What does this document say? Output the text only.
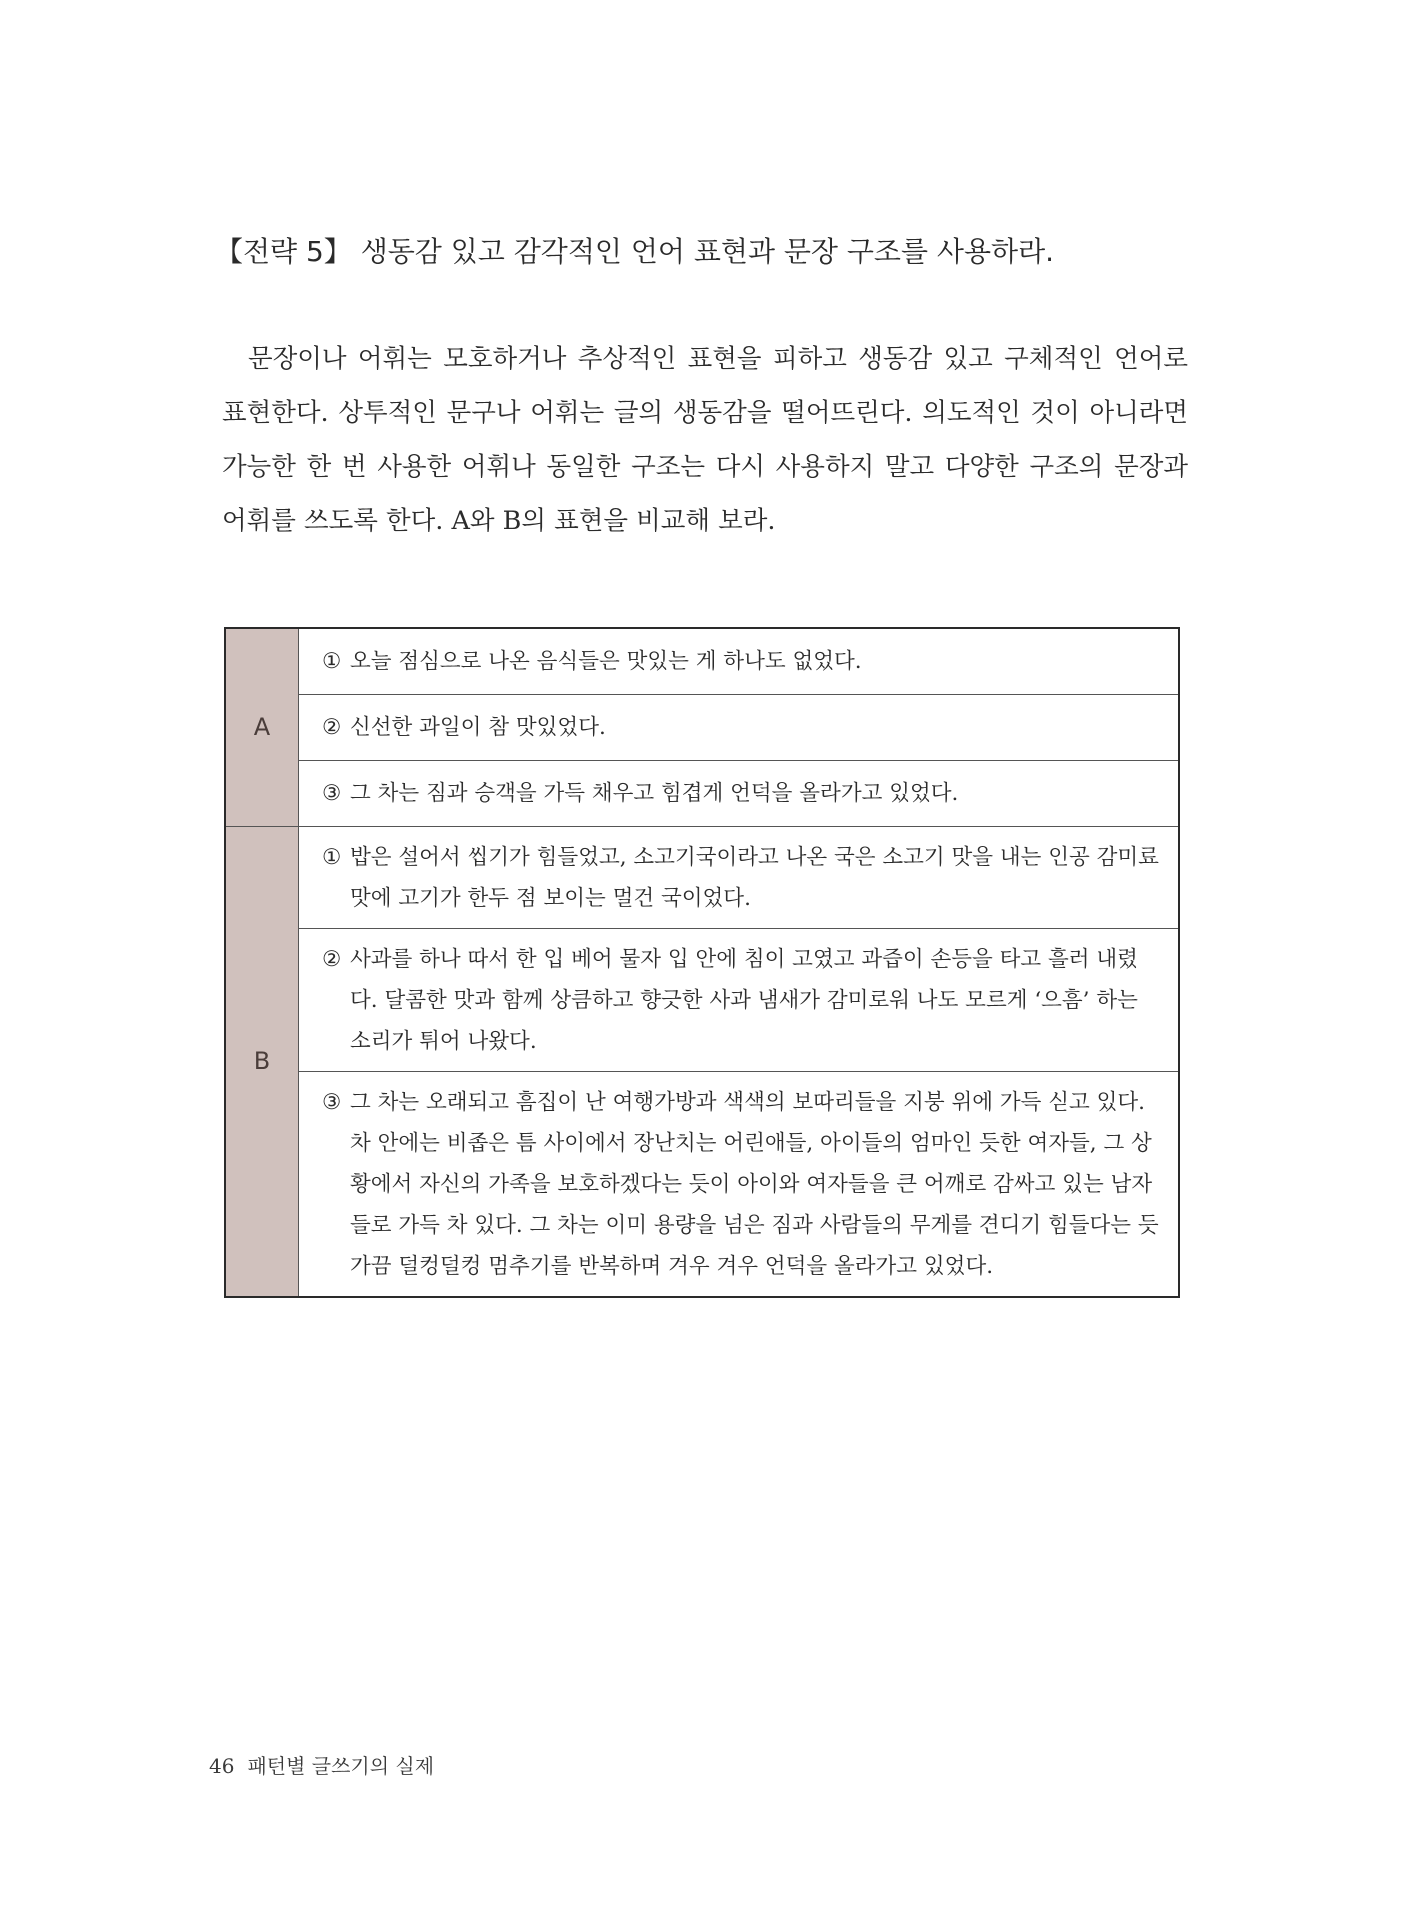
【전략 5】 생동감 있고 감각적인 언어 표현과 문장 구조를 사용하라.

문장이나 어휘는 모호하거나 추상적인 표현을 피하고 생동감 있고 구체적인 언어로 표현한다. 상투적인 문구나 어휘는 글의 생동감을 떨어뜨린다. 의도적인 것이 아니라면 가능한 한 번 사용한 어휘나 동일한 구조는 다시 사용하지 말고 다양한 구조의 문장과 어휘를 쓰도록 한다. A와 B의 표현을 비교해 보라.

A	① 오늘 점심으로 나온 음식들은 맛있는 게 하나도 없었다.

	② 신선한 과일이 참 맛있었다.

	③ 그 차는 짐과 승객을 가득 채우고 힘겹게 언덕을 올라가고 있었다.

B	① 밥은 설어서 씹기가 힘들었고, 소고기국이라고 나온 국은 소고기 맛을 내는 인공 감미료 맛에 고기가 한두 점 보이는 멀건 국이었다.

	② 사과를 하나 따서 한 입 베어 물자 입 안에 침이 고였고 과즙이 손등을 타고 흘러 내렸다. 달콤한 맛과 함께 상큼하고 향긋한 사과 냄새가 감미로워 나도 모르게 ‘으흠’ 하는 소리가 튀어 나왔다.

	③ 그 차는 오래되고 흠집이 난 여행가방과 색색의 보따리들을 지붕 위에 가득 싣고 있다. 차 안에는 비좁은 틈 사이에서 장난치는 어린애들, 아이들의 엄마인 듯한 여자들, 그 상황에서 자신의 가족을 보호하겠다는 듯이 아이와 여자들을 큰 어깨로 감싸고 있는 남자들로 가득 차 있다. 그 차는 이미 용량을 넘은 짐과 사람들의 무게를 견디기 힘들다는 듯 가끔 덜컹덜컹 멈추기를 반복하며 겨우 겨우 언덕을 올라가고 있었다.
46 패턴별 글쓰기의 실제
